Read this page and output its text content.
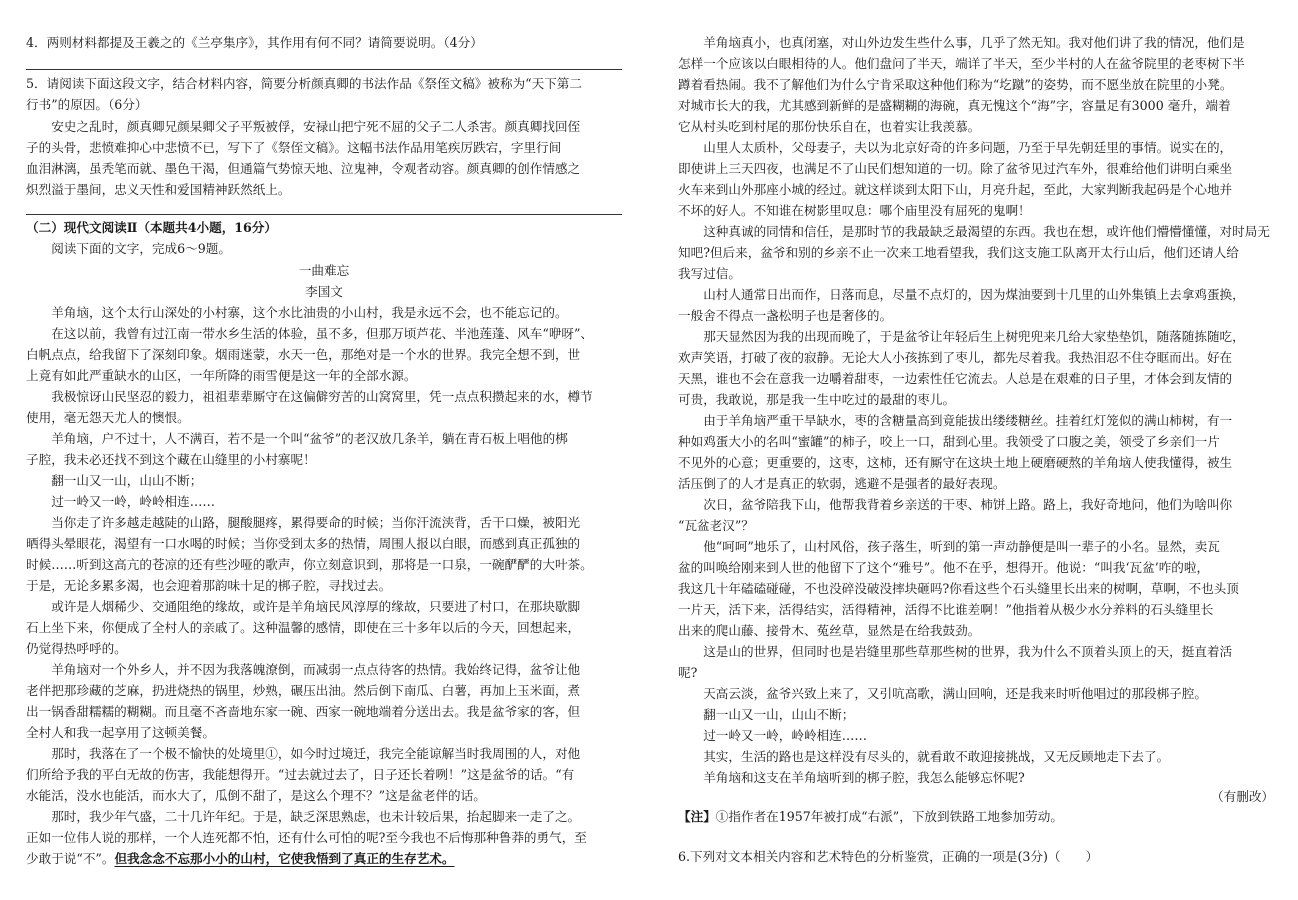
4．两则材料都提及王羲之的《兰亭集序》，其作用有何不同？请简要说明。（4分）
5．请阅读下面这段文字，结合材料内容，简要分析颜真卿的书法作品《祭侄文稿》被称为“天下第二
行书”的原因。（6分）
安史之乱时，颜真卿兄颜杲卿父子平叛被俘，安禄山把宁死不屈的父子二人杀害。颜真卿找回侄
子的头骨，悲愤难抑心中悲愤不已，写下了《祭侄文稿》。这幅书法作品用笔疾厉跌宕，字里行间
血泪淋漓，虽秃笔而就、墨色干渴，但通篇气势惊天地、泣鬼神，令观者动容。颜真卿的创作情感之
炽烈溢于墨间，忠义天性和爱国精神跃然纸上。
（二）现代文阅读Ⅱ（本题共4小题，16分）
阅读下面的文字，完成6～9题。
一曲难忘
李国文
羊角垴，这个太行山深处的小村寨，这个水比油贵的小山村，我是永远不会，也不能忘记的。
在这以前，我曾有过江南一带水乡生活的体验，虽不多，但那万顷芦花、半池莲蓬、风车“咿呀”、
白帆点点，给我留下了深刻印象。烟雨迷蒙，水天一色，那绝对是一个水的世界。我完全想不到，世
上竟有如此严重缺水的山区，一年所降的雨雪便是这一年的全部水源。
我极惊讶山民坚忍的毅力，祖祖辈辈厮守在这偏僻穷苦的山窝窝里，凭一点点积攒起来的水，樽节
使用，毫无怨天尤人的懊恨。
羊角垴，户不过十，人不满百，若不是一个叫“盆爷”的老汉放几条羊，躺在青石板上唱他的梆
子腔，我未必还找不到这个藏在山缝里的小村寨呢！
翻一山又一山，山山不断；
过一岭又一岭，岭岭相连……
当你走了许多越走越陡的山路，腿酸腿疼，累得要命的时候；当你汗流浃背，舌干口燥，被阳光
晒得头晕眼花，渴望有一口水喝的时候；当你受到太多的热情，周围人报以白眼，而感到真正孤独的
时候……听到这高亢的苍凉的还有些沙哑的歌声，你立刻意识到，那将是一口泉，一碗酽酽的大叶茶。
于是，无论多累多渴，也会迎着那韵味十足的梆子腔，寻找过去。
或许是人烟稀少、交通阻绝的缘故，或许是羊角垴民风淳厚的缘故，只要进了村口，在那块歇脚
石上坐下来，你便成了全村人的亲戚了。这种温馨的感情，即使在三十多年以后的今天，回想起来，
仍觉得热呼呼的。
羊角垴对一个外乡人，并不因为我落魄潦倒，而减弱一点点待客的热情。我始终记得，盆爷让他
老伴把那珍藏的芝麻，扔进烧热的锅里，炒熟，碾压出油。然后倒下南瓜、白薯，再加上玉米面，煮
出一锅香甜糯糯的糊糊。而且毫不吝啬地东家一碗、西家一碗地端着分送出去。我是盆爷家的客，但
全村人和我一起享用了这顿美餐。
那时，我落在了一个极不愉快的处境里①，如今时过境迁，我完全能谅解当时我周围的人，对他
们所给予我的平白无故的伤害，我能想得开。“过去就过去了，日子还长着咧！”这是盆爷的话。“有
水能活，没水也能活，而水大了，瓜倒不甜了，是这么个理不？”这是盆老伴的话。
那时，我少年气盛，二十几许年纪。于是，缺乏深思熟虑，也未计较后果，抬起脚来一走了之。
正如一位伟人说的那样，一个人连死都不怕，还有什么可怕的呢?至今我也不后悔那种鲁莽的勇气，至
少敢于说“不”。但我念念不忘那小小的山村，它使我悟到了真正的生存艺术。
羊角垴真小，也真闭塞，对山外边发生些什么事，几乎了然无知。我对他们讲了我的情况，他们是
怎样一个应该以白眼相待的人。他们盘问了半天，端详了半天，至少半村的人在盆爷院里的老枣树下半
蹲着看热闹。我不了解他们为什么宁肯采取这种他们称为“圪蹴”的姿势，而不愿坐放在院里的小凳。
对城市长大的我，尤其感到新鲜的是盛糊糊的海碗，真无愧这个“海”字，容量足有3000 毫升，端着
它从村头吃到村尾的那份快乐自在，也着实让我羡慕。
山里人太质朴，父母妻子，夫以为北京好奇的许多问题，乃至于早先朝廷里的事情。说实在的，
即使讲上三天四夜，也满足不了山民们想知道的一切。除了盆爷见过汽车外，很难给他们讲明白乘坐
火车来到山外那座小城的经过。就这样谈到太阳下山，月亮升起，至此，大家判断我起码是个心地并
不坏的好人。不知谁在树影里叹息：哪个庙里没有屈死的鬼啊！
这种真诚的同情和信任，是那时节的我最缺乏最渴望的东西。我也在想，或许他们懵懵懂懂，对时局无
知吧?但后来，盆爷和别的乡亲不止一次来工地看望我，我们这支施工队离开太行山后，他们还请人给
我写过信。
山村人通常日出而作，日落而息，尽量不点灯的，因为煤油要到十几里的山外集镇上去拿鸡蛋换，
一般舍不得点一盏松明子也是奢侈的。
那天显然因为我的出现而晚了，于是盆爷让年轻后生上树兜兜来几给大家垫垫饥，随落随拣随吃，
欢声笑语，打破了夜的寂静。无论大人小孩拣到了枣儿，都先尽着我。我热泪忍不住夺眶而出。好在
天黑，谁也不会在意我一边嚼着甜枣，一边索性任它流去。人总是在艰难的日子里，才体会到友情的
可贵，我敢说，那是我一生中吃过的最甜的枣儿。
由于羊角垴严重干旱缺水，枣的含糖量高到竟能拔出缕缕糖丝。挂着红灯笼似的满山柿树，有一
种如鸡蛋大小的名叫“蜜罐”的柿子，咬上一口，甜到心里。我领受了口腹之美，领受了乡亲们一片
不见外的心意；更重要的，这枣，这柿，还有厮守在这块土地上硬磨硬熬的羊角垴人使我懂得，被生
活压倒了的人才是真正的软弱，逃避不是强者的最好表现。
次日，盆爷陪我下山，他帮我背着乡亲送的干枣、柿饼上路。路上，我好奇地问，他们为啥叫你
“瓦盆老汉”？
他“呵呵”地乐了，山村风俗，孩子落生，听到的第一声动静便是叫一辈子的小名。显然，卖瓦
盆的叫唤给刚来到人世的他留下了这个“雅号”。他不在乎，想得开。他说：“叫我‘瓦盆’咋的啦，
我这几十年磕磕碰碰，不也没碎没破没摔块砸吗?你看这些个石头缝里长出来的树啊，草啊，不也头顶
一片天，活下来，活得结实，活得精神，活得不比谁差啊！”他指着从极少水分养料的石头缝里长
出来的爬山藤、接骨木、菟丝草，显然是在给我鼓劲。
这是山的世界，但同时也是岩缝里那些草那些树的世界，我为什么不顶着头顶上的天，挺直着活
呢?
天高云淡，盆爷兴致上来了，又引吭高歌，满山回响，还是我来时听他唱过的那段梆子腔。
翻一山又一山，山山不断；
过一岭又一岭，岭岭相连……
其实，生活的路也是这样没有尽头的，就看敢不敢迎接挑战，又无反顾地走下去了。
羊角垴和这支在羊角垴听到的梆子腔，我怎么能够忘怀呢?
（有删改）
【注】①指作者在1957年被打成“右派”，下放到铁路工地参加劳动。
6.下列对文本相关内容和艺术特色的分析鉴赏，正确的一项是(3分)（　　）
